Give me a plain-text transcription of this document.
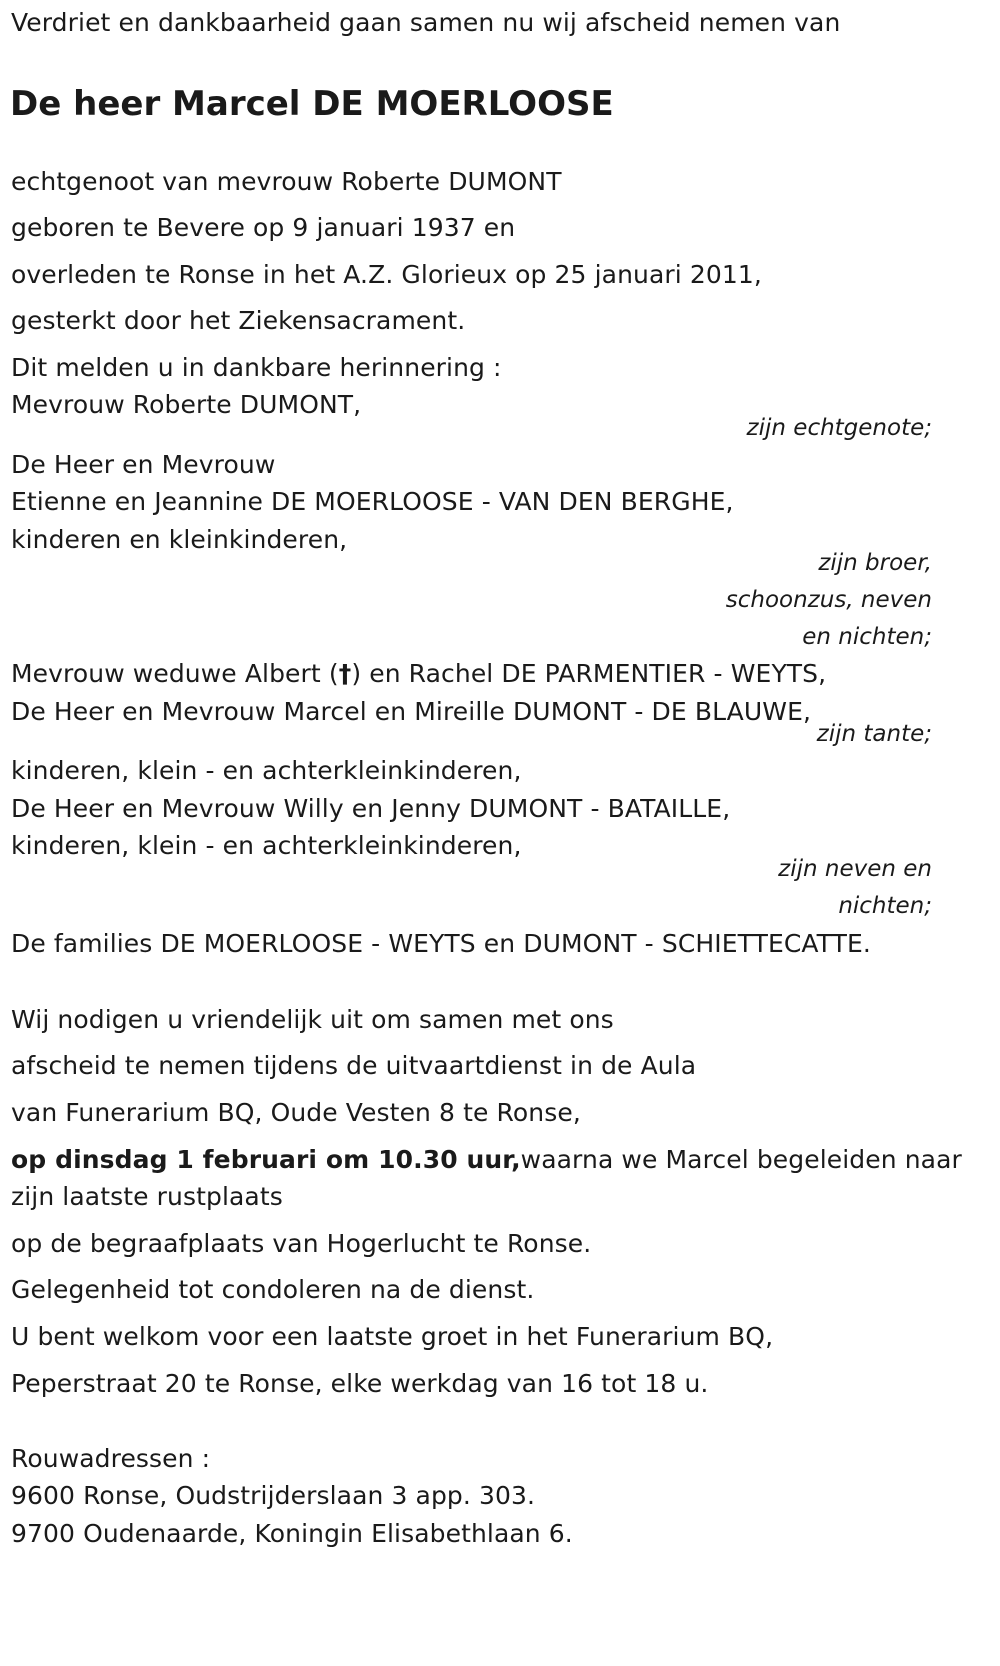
Verdriet en dankbaarheid gaan samen nu wij afscheid nemen van
De heer Marcel DE MOERLOOSE
echtgenoot van mevrouw Roberte DUMONT
geboren te Bevere op 9 januari 1937 en
overleden te Ronse in het A.Z. Glorieux op 25 januari 2011,
gesterkt door het Ziekensacrament.
Dit melden u in dankbare herinnering :
Mevrouw Roberte DUMONT,
zijn echtgenote;
De Heer en Mevrouw
Etienne en Jeannine DE MOERLOOSE - VAN DEN BERGHE,
kinderen en kleinkinderen,
zijn broer,
schoonzus, neven
en nichten;
Mevrouw weduwe Albert (†) en Rachel DE PARMENTIER - WEYTS,
De Heer en Mevrouw Marcel en Mireille DUMONT - DE BLAUWE,
zijn tante;
kinderen, klein - en achterkleinkinderen,
De Heer en Mevrouw Willy en Jenny DUMONT - BATAILLE,
kinderen, klein - en achterkleinkinderen,
zijn neven en
nichten;
De families DE MOERLOOSE - WEYTS en DUMONT - SCHIETTECATTE.
Wij nodigen u vriendelijk uit om samen met ons
afscheid te nemen tijdens de uitvaartdienst in de Aula
van Funerarium BQ, Oude Vesten 8 te Ronse,
op dinsdag 1 februari om 10.30 uur,waarna we Marcel begeleiden naar
zijn laatste rustplaats
op de begraafplaats van Hogerlucht te Ronse.
Gelegenheid tot condoleren na de dienst.
U bent welkom voor een laatste groet in het Funerarium BQ,
Peperstraat 20 te Ronse, elke werkdag van 16 tot 18 u.
Rouwadressen :
9600 Ronse, Oudstrijderslaan 3 app. 303.
9700 Oudenaarde, Koningin Elisabethlaan 6.
